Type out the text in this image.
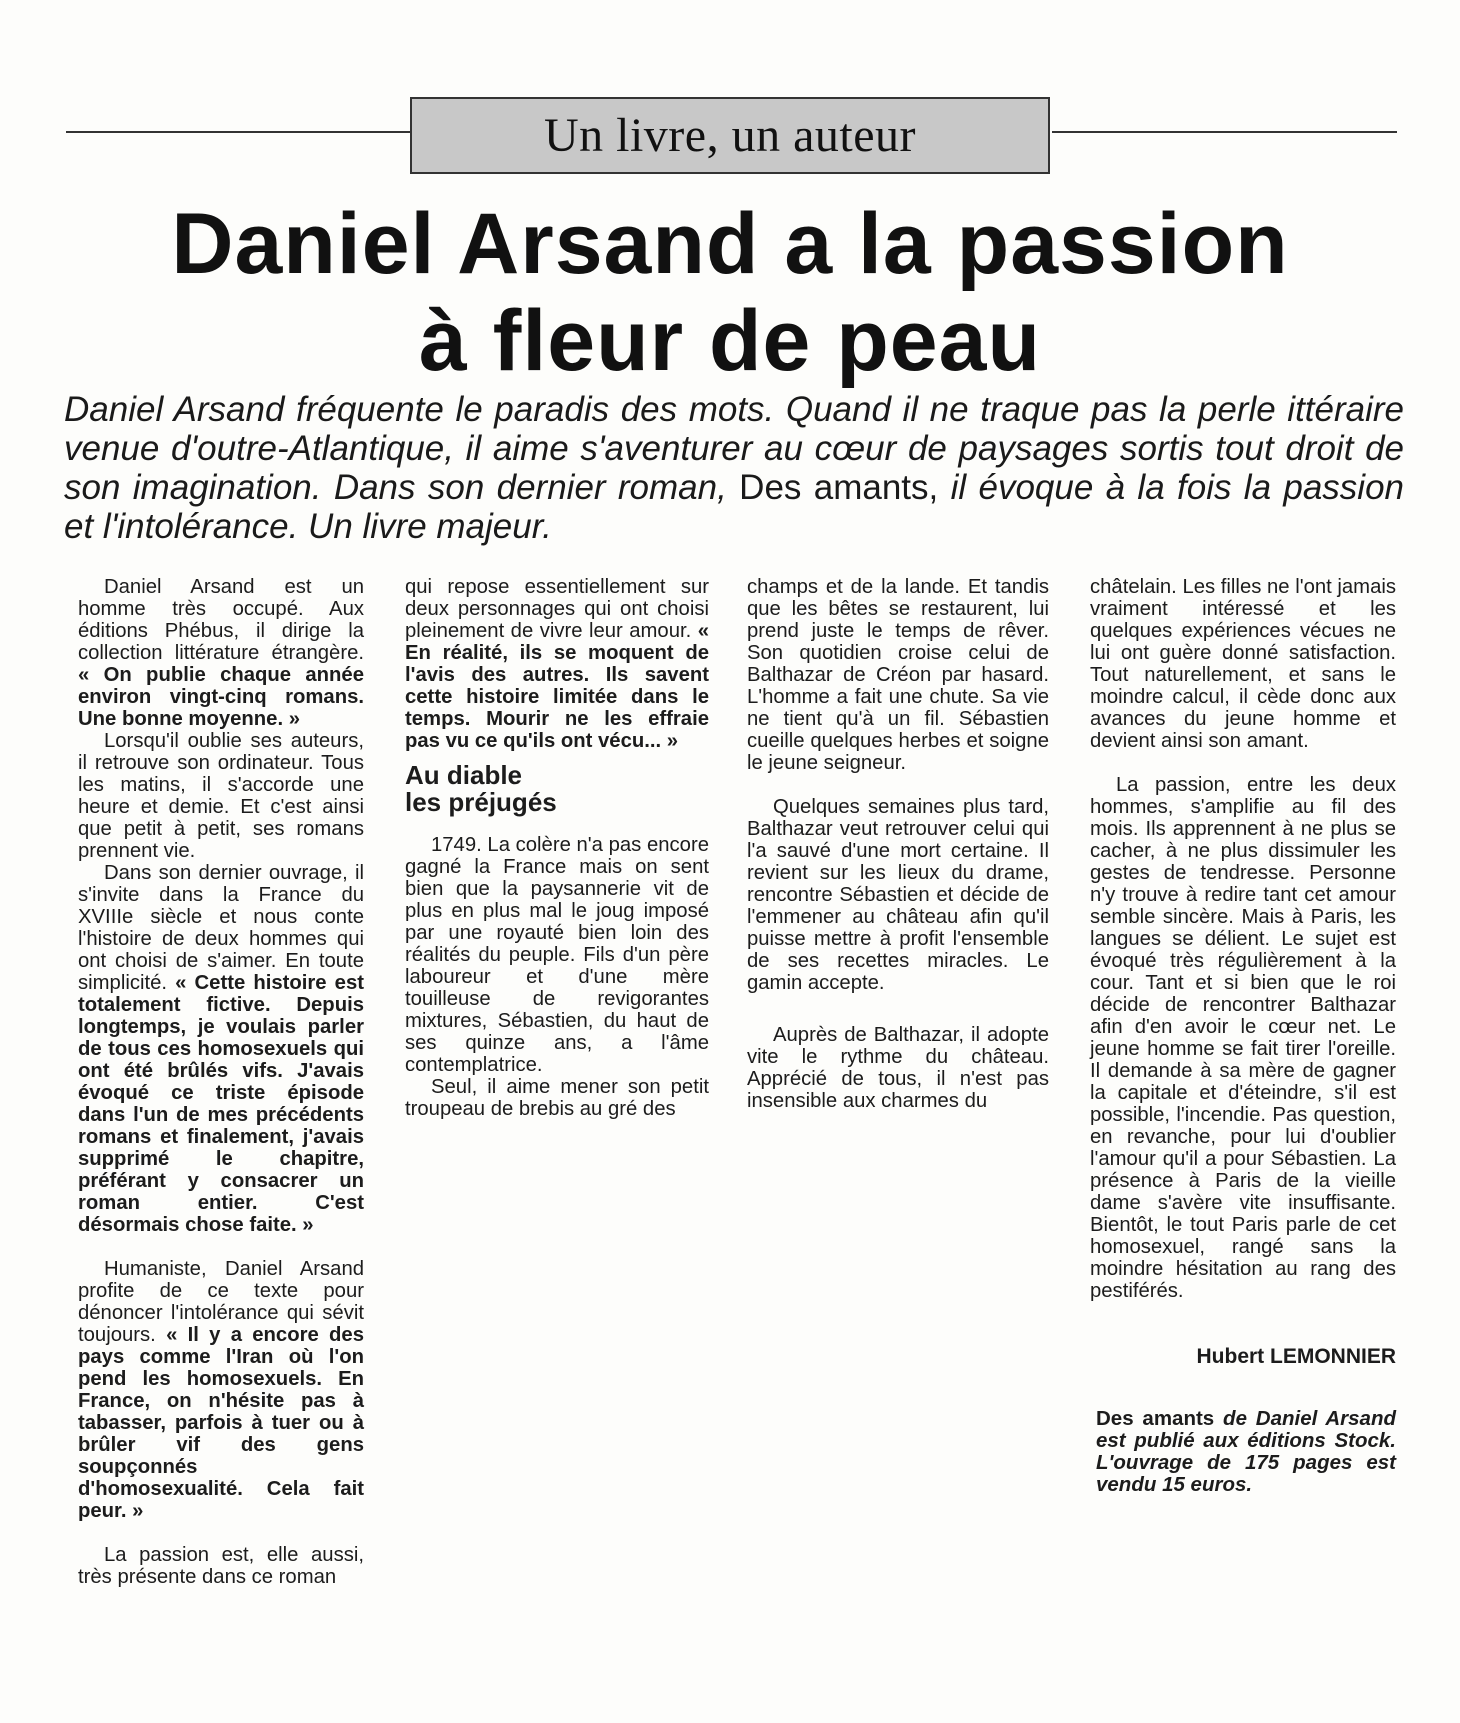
Un livre, un auteur
Daniel Arsand a la passion
à fleur de peau
Daniel Arsand fréquente le paradis des mots. Quand il ne traque pas la perle ittéraire venue d'outre-Atlantique, il aime s'aventurer au cœur de paysages sortis tout droit de son imagination. Dans son dernier roman, Des amants, il évoque à la fois la passion et l'intolérance. Un livre majeur.

Daniel Arsand est un homme très occupé. Aux éditions Phébus, il dirige la collection littérature étrangère. « On publie chaque année environ vingt-cinq romans. Une bonne moyenne. »

Lorsqu'il oublie ses auteurs, il retrouve son ordinateur. Tous les matins, il s'accorde une heure et demie. Et c'est ainsi que petit à petit, ses romans prennent vie.

Dans son dernier ouvrage, il s'invite dans la France du XVIIIe siècle et nous conte l'histoire de deux hommes qui ont choisi de s'aimer. En toute simplicité. « Cette histoire est totalement fictive. Depuis longtemps, je voulais parler de tous ces homosexuels qui ont été brûlés vifs. J'avais évoqué ce triste épisode dans l'un de mes précédents romans et finalement, j'avais supprimé le chapitre, préférant y consacrer un roman entier. C'est désormais chose faite. »

Humaniste, Daniel Arsand profite de ce texte pour dénoncer l'intolérance qui sévit toujours. « Il y a encore des pays comme l'Iran où l'on pend les homosexuels. En France, on n'hésite pas à tabasser, parfois à tuer ou à brûler vif des gens soupçonnés d'homosexualité. Cela fait peur. »

La passion est, elle aussi, très présente dans ce roman

qui repose essentiellement sur deux personnages qui ont choisi pleinement de vivre leur amour. « En réalité, ils se moquent de l'avis des autres. Ils savent cette histoire limitée dans le temps. Mourir ne les effraie pas vu ce qu'ils ont vécu... »

Au diable
les préjugés

1749. La colère n'a pas encore gagné la France mais on sent bien que la paysannerie vit de plus en plus mal le joug imposé par une royauté bien loin des réalités du peuple. Fils d'un père laboureur et d'une mère touilleuse de revigorantes mixtures, Sébastien, du haut de ses quinze ans, a l'âme contemplatrice.

Seul, il aime mener son petit troupeau de brebis au gré des

champs et de la lande. Et tandis que les bêtes se restaurent, lui prend juste le temps de rêver. Son quotidien croise celui de Balthazar de Créon par hasard. L'homme a fait une chute. Sa vie ne tient qu'à un fil. Sébastien cueille quelques herbes et soigne le jeune seigneur.

Quelques semaines plus tard, Balthazar veut retrouver celui qui l'a sauvé d'une mort certaine. Il revient sur les lieux du drame, rencontre Sébastien et décide de l'emmener au château afin qu'il puisse mettre à profit l'ensemble de ses recettes miracles. Le gamin accepte.

Auprès de Balthazar, il adopte vite le rythme du château. Apprécié de tous, il n'est pas insensible aux charmes du

châtelain. Les filles ne l'ont jamais vraiment intéressé et les quelques expériences vécues ne lui ont guère donné satisfaction. Tout naturellement, et sans le moindre calcul, il cède donc aux avances du jeune homme et devient ainsi son amant.

La passion, entre les deux hommes, s'amplifie au fil des mois. Ils apprennent à ne plus se cacher, à ne plus dissimuler les gestes de tendresse. Personne n'y trouve à redire tant cet amour semble sincère. Mais à Paris, les langues se délient. Le sujet est évoqué très régulièrement à la cour. Tant et si bien que le roi décide de rencontrer Balthazar afin d'en avoir le cœur net. Le jeune homme se fait tirer l'oreille. Il demande à sa mère de gagner la capitale et d'éteindre, s'il est possible, l'incendie. Pas question, en revanche, pour lui d'oublier l'amour qu'il a pour Sébastien. La présence à Paris de la vieille dame s'avère vite insuffisante. Bientôt, le tout Paris parle de cet homosexuel, rangé sans la moindre hésitation au rang des pestiférés.

Hubert LEMONNIER
Des amants de Daniel Arsand est publié aux éditions Stock. L'ouvrage de 175 pages est vendu 15 euros.
